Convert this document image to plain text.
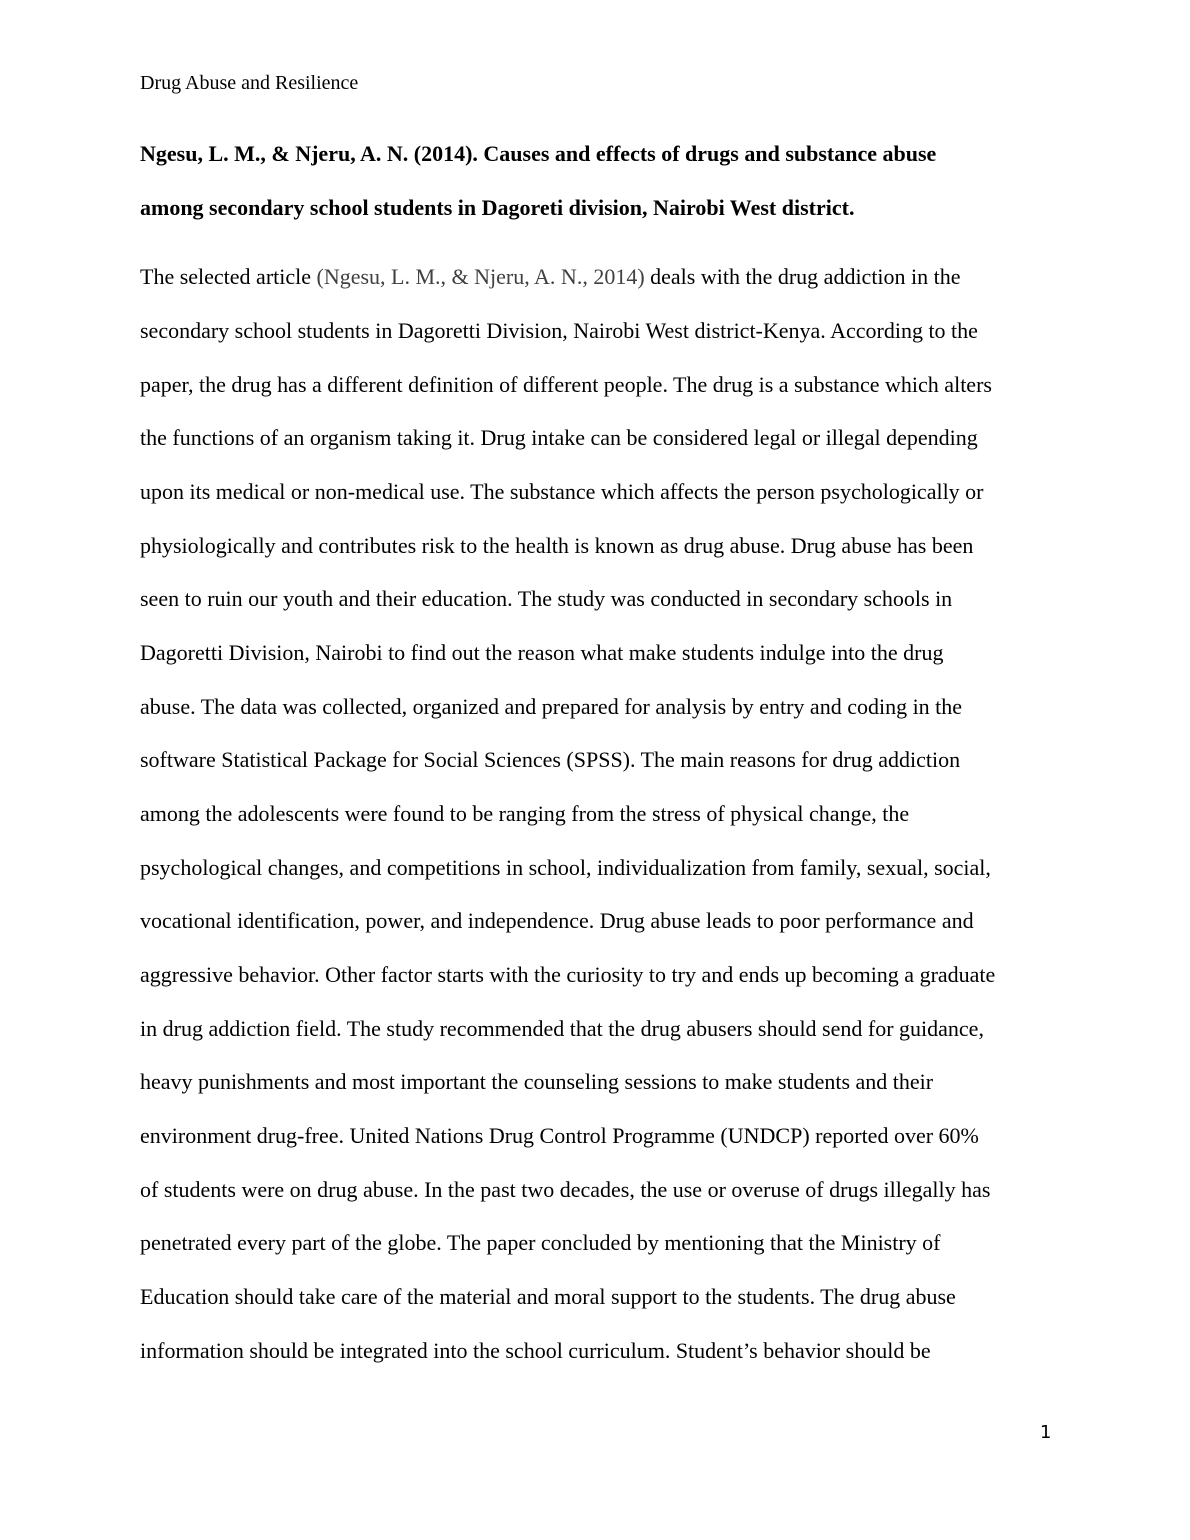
Drug Abuse and Resilience
Ngesu, L. M., & Njeru, A. N. (2014). Causes and effects of drugs and substance abuse
among secondary school students in Dagoreti division, Nairobi West district.
The selected article (Ngesu, L. M., & Njeru, A. N., 2014) deals with the drug addiction in the
secondary school students in Dagoretti Division, Nairobi West district-Kenya. According to the
paper, the drug has a different definition of different people. The drug is a substance which alters
the functions of an organism taking it. Drug intake can be considered legal or illegal depending
upon its medical or non-medical use. The substance which affects the person psychologically or
physiologically and contributes risk to the health is known as drug abuse. Drug abuse has been
seen to ruin our youth and their education. The study was conducted in secondary schools in
Dagoretti Division, Nairobi to find out the reason what make students indulge into the drug
abuse. The data was collected, organized and prepared for analysis by entry and coding in the
software Statistical Package for Social Sciences (SPSS). The main reasons for drug addiction
among the adolescents were found to be ranging from the stress of physical change, the
psychological changes, and competitions in school, individualization from family, sexual, social,
vocational identification, power, and independence. Drug abuse leads to poor performance and
aggressive behavior. Other factor starts with the curiosity to try and ends up becoming a graduate
in drug addiction field. The study recommended that the drug abusers should send for guidance,
heavy punishments and most important the counseling sessions to make students and their
environment drug-free. United Nations Drug Control Programme (UNDCP) reported over 60%
of students were on drug abuse. In the past two decades, the use or overuse of drugs illegally has
penetrated every part of the globe. The paper concluded by mentioning that the Ministry of
Education should take care of the material and moral support to the students. The drug abuse
information should be integrated into the school curriculum. Student’s behavior should be
1
